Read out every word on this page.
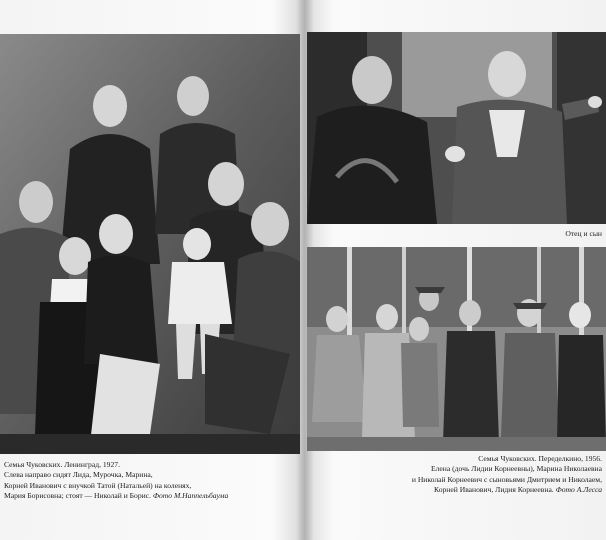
Отец и сын
Семья Чуковских. Ленинград, 1927.
Слева направо сидят Лида, Мурочка, Марина,
Корней Иванович с внучкой Татой (Натальей) на коленях,
Мария Борисовна; стоят — Николай и Борис. Фото М.Наппельбаума
Семья Чуковских. Переделкино, 1956.
Елена (дочь Лидии Корнеевны), Марина Николаевна
и Николай Корнеевич с сыновьями Дмитрием и Николаем,
Корней Иванович, Лидия Корнеевна. Фото А.Лесса
